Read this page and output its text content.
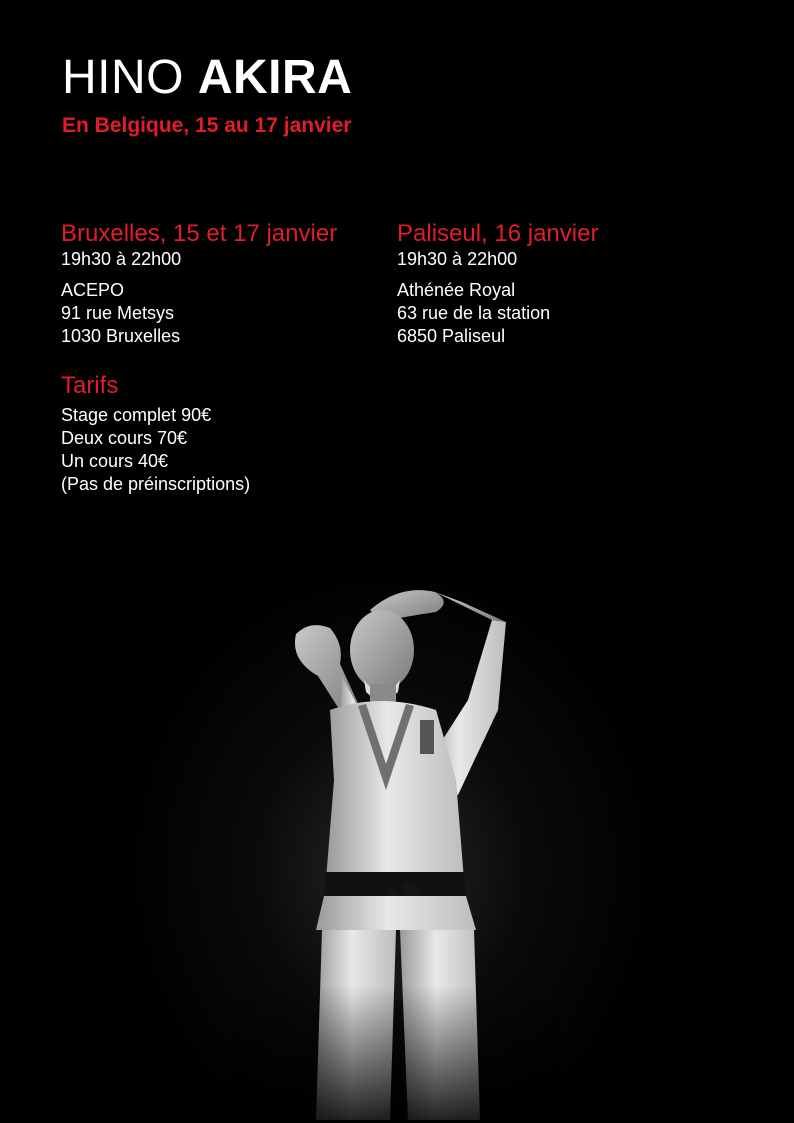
HINO AKIRA
En Belgique, 15 au 17 janvier
Bruxelles, 15 et 17 janvier
19h30 à 22h00
ACEPO
91 rue Metsys
1030 Bruxelles
Paliseul, 16 janvier
19h30 à 22h00
Athénée Royal
63 rue de la station
6850 Paliseul
Tarifs
Stage complet 90€
Deux cours 70€
Un cours 40€
(Pas de préinscriptions)
